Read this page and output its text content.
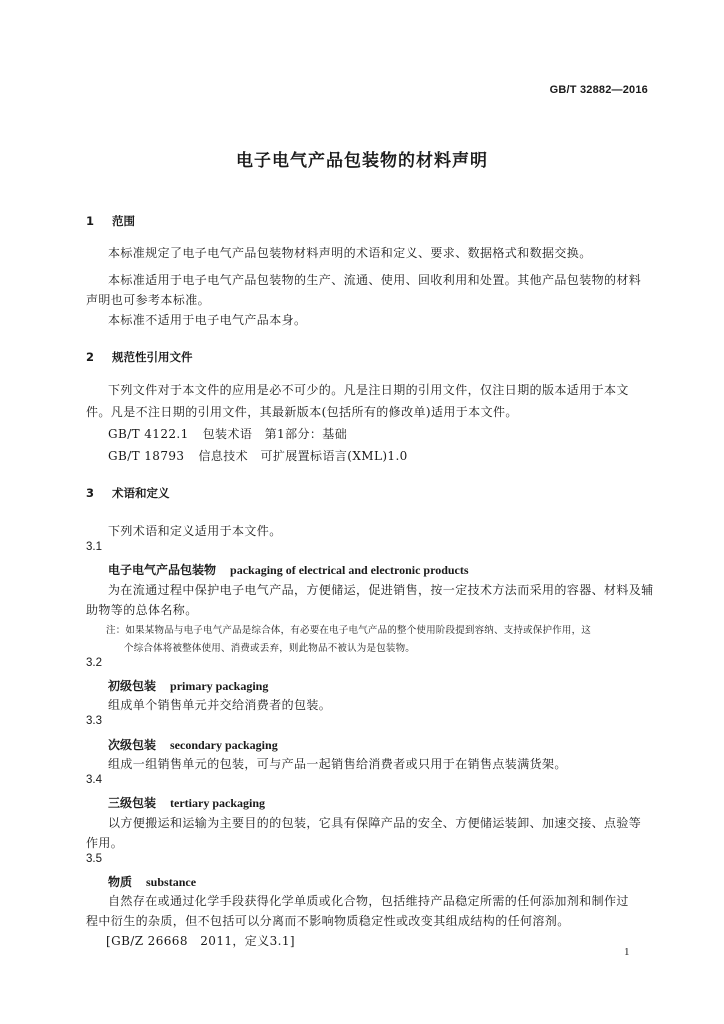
GB/T 32882—2016
电子电气产品包装物的材料声明
1 范围
本标准规定了电子电气产品包装物材料声明的术语和定义、要求、数据格式和数据交换。
本标准适用于电子电气产品包装物的生产、流通、使用、回收利用和处置。其他产品包装物的材料
声明也可参考本标准。
本标准不适用于电子电气产品本身。
2 规范性引用文件
下列文件对于本文件的应用是必不可少的。凡是注日期的引用文件，仅注日期的版本适用于本文
件。凡是不注日期的引用文件，其最新版本(包括所有的修改单)适用于本文件。
GB/T 4122.1 包装术语　第1部分：基础
GB/T 18793 信息技术　可扩展置标语言(XML)1.0
3 术语和定义
下列术语和定义适用于本文件。
3.1
电子电气产品包装物 packaging of electrical and electronic products
为在流通过程中保护电子电气产品，方便储运，促进销售，按一定技术方法而采用的容器、材料及辅
助物等的总体名称。
注：如果某物品与电子电气产品是综合体，有必要在电子电气产品的整个使用阶段提到容纳、支持或保护作用，这
个综合体将被整体使用、消费或丢弃，则此物品不被认为是包装物。
3.2
初级包装 primary packaging
组成单个销售单元并交给消费者的包装。
3.3
次级包装 secondary packaging
组成一组销售单元的包装，可与产品一起销售给消费者或只用于在销售点装满货架。
3.4
三级包装 tertiary packaging
以方便搬运和运输为主要目的的包装，它具有保障产品的安全、方便储运装卸、加速交接、点验等
作用。
3.5
物质 substance
自然存在或通过化学手段获得化学单质或化合物，包括维持产品稳定所需的任何添加剂和制作过
程中衍生的杂质，但不包括可以分离而不影响物质稳定性或改变其组成结构的任何溶剂。
[GB/Z 26668　2011，定义3.1]
1
